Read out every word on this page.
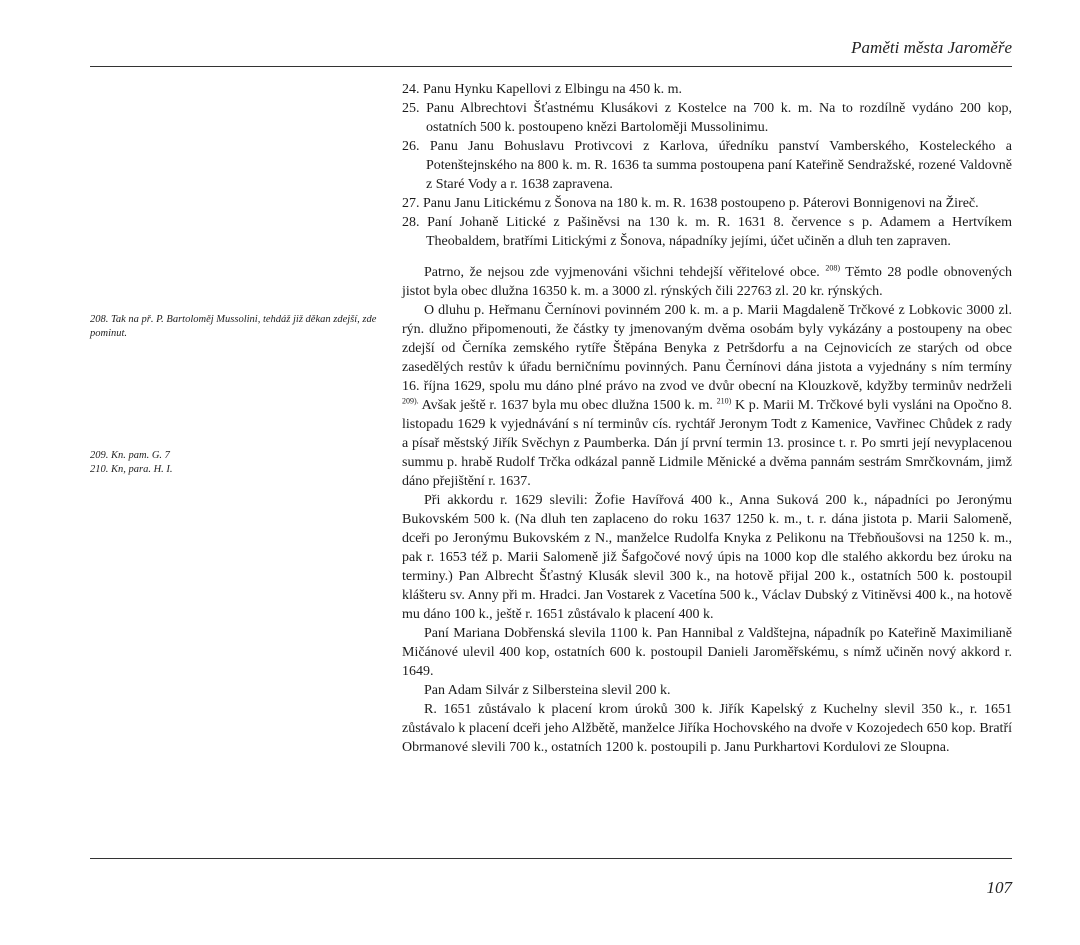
Paměti města Jaroměře
208. Tak na př. P. Bartoloměj Mussolini, tehdáž již děkan zdejší, zde pominut.
209. Kn. pam. G. 7
210. Kn, para. H. I.
24. Panu Hynku Kapellovi z Elbingu na 450 k. m.
25. Panu Albrechtovi Šťastnému Klusákovi z Kostelce na 700 k. m. Na to rozdílně vydáno 200 kop, ostatních 500 k. postoupeno knězi Bartoloměji Mussolinimu.
26. Panu Janu Bohuslavu Protivcovi z Karlova, úředníku panství Vamberského, Kosteleckého a Potenštejnského na 800 k. m. R. 1636 ta summa postoupena paní Kateřině Sendražské, rozené Valdovně z Staré Vody a r. 1638 zapravena.
27. Panu Janu Litickému z Šonova na 180 k. m. R. 1638 postoupeno p. Páterovi Bonnigenovi na Žireč.
28. Paní Johaně Litické z Pašiněvsi na 130 k. m. R. 1631 8. července s p. Adamem a Hertvíkem Theobaldem, bratřími Litickými z Šonova, nápadníky jejími, účet učiněn a dluh ten zapraven.

Patrno, že nejsou zde vyjmenováni všichni tehdejší věřitelové obce. $^{208)}$ Těmto 28 podle obnovených jistot byla obec dlužna 16350 k. m. a 3000 zl. rýnských čili 22763 zl. 20 kr. rýnských.

O dluhu p. Heřmanu Černínovi povinném 200 k. m. a p. Marii Magdaleně Trčkové z Lobkovic 3000 zl. rýn. dlužno připomenouti, že částky ty jmenovaným dvěma osobám byly vykázány a postoupeny na obec zdejší od Černíka zemského rytíře Štěpána Benyka z Petršdorfu a na Cejnovicích ze starých od obce zasedělých restův k úřadu berničnímu povinných. Panu Černínovi dána jistota a vyjednány s ním termíny 16. října 1629, spolu mu dáno plné právo na zvod ve dvůr obecní na Klouzkově, kdyžby terminův nedrželi $^{209).}$ Avšak ještě r. 1637 byla mu obec dlužna 1500 k. m. $^{210)}$ K p. Marii M. Trčkové byli vysláni na Opočno 8. listopadu 1629 k vyjednávání s ní terminův cís. rychtář Jeronym Todt z Kamenice, Vavřinec Chůdek z rady a písař městský Jiřík Svěchyn z Paumberka. Dán jí první termin 13. prosince t. r. Po smrti její nevyplacenou summu p. hrabě Rudolf Trčka odkázal panně Lidmile Měnické a dvěma pannám sestrám Smrčkovnám, jimž dáno přejištění r. 1637.

Při akkordu r. 1629 slevili: Žofie Havířová 400 k., Anna Suková 200 k., nápadníci po Jeronýmu Bukovském 500 k. (Na dluh ten zaplaceno do roku 1637 1250 k. m., t. r. dána jistota p. Marii Salomeně, dceři po Jeronýmu Bukovském z N., manželce Rudolfa Knyka z Pelikonu na Třebňoušovsi na 1250 k. m., pak r. 1653 též p. Marii Salomeně již Šafgočové nový úpis na 1000 kop dle stalého akkordu bez úroku na terminy.) Pan Albrecht Šťastný Klusák slevil 300 k., na hotově přijal 200 k., ostatních 500 k. postoupil klášteru sv. Anny při m. Hradci. Jan Vostarek z Vacetína 500 k., Václav Dubský z Vitiněvsi 400 k., na hotově mu dáno 100 k., ještě r. 1651 zůstávalo k placení 400 k.

Paní Mariana Dobřenská slevila 1100 k. Pan Hannibal z Valdštejna, nápadník po Kateřině Maximilianě Mičánové ulevil 400 kop, ostatních 600 k. postoupil Danieli Jaroměřskému, s nímž učiněn nový akkord r. 1649.

Pan Adam Silvár z Silbersteina slevil 200 k.

R. 1651 zůstávalo k placení krom úroků 300 k. Jiřík Kapelský z Kuchelny slevil 350 k., r. 1651 zůstávalo k placení dceři jeho Alžbětě, manželce Jiříka Hochovského na dvoře v Kozojedech 650 kop. Bratří Obrmanové slevili 700 k., ostatních 1200 k. postoupili p. Janu Purkhartovi Kordulovi ze Sloupna.

107
